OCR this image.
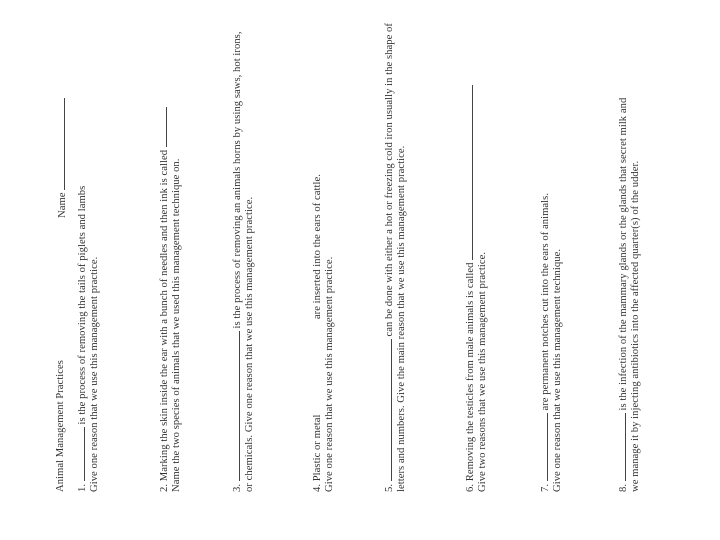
Animal Management Practices
Name
1.  is the process of removing the tails of piglets and lambs Give one reason that we use this management practice.	2. Marking the skin inside the ear with a bunch of needles and then ink is called Name the two species of animals that we used this management technique on.	3.  is the process of removing an animals horns by using saws, hot irons,
or chemicals. Give one reason that we use this management practice.	4. Plastic or metal  are inserted into the ears of cattle.
Give one reason that we use this management practice.	5.  can be done with either a hot or freezing cold iron usually in the shape of letters and numbers. Give the main reason that we use this management practice.	6. Removing the testicles from male animals is called Give two reasons that we use this management practice.	7.  are permanent notches cut into the ears of animals. Give one reason that we use this management technique.	8.  is the infection of the mammary glands or the glands that secret milk and we manage it by injecting antibiotics into the affected quarter(s) of the udder.
